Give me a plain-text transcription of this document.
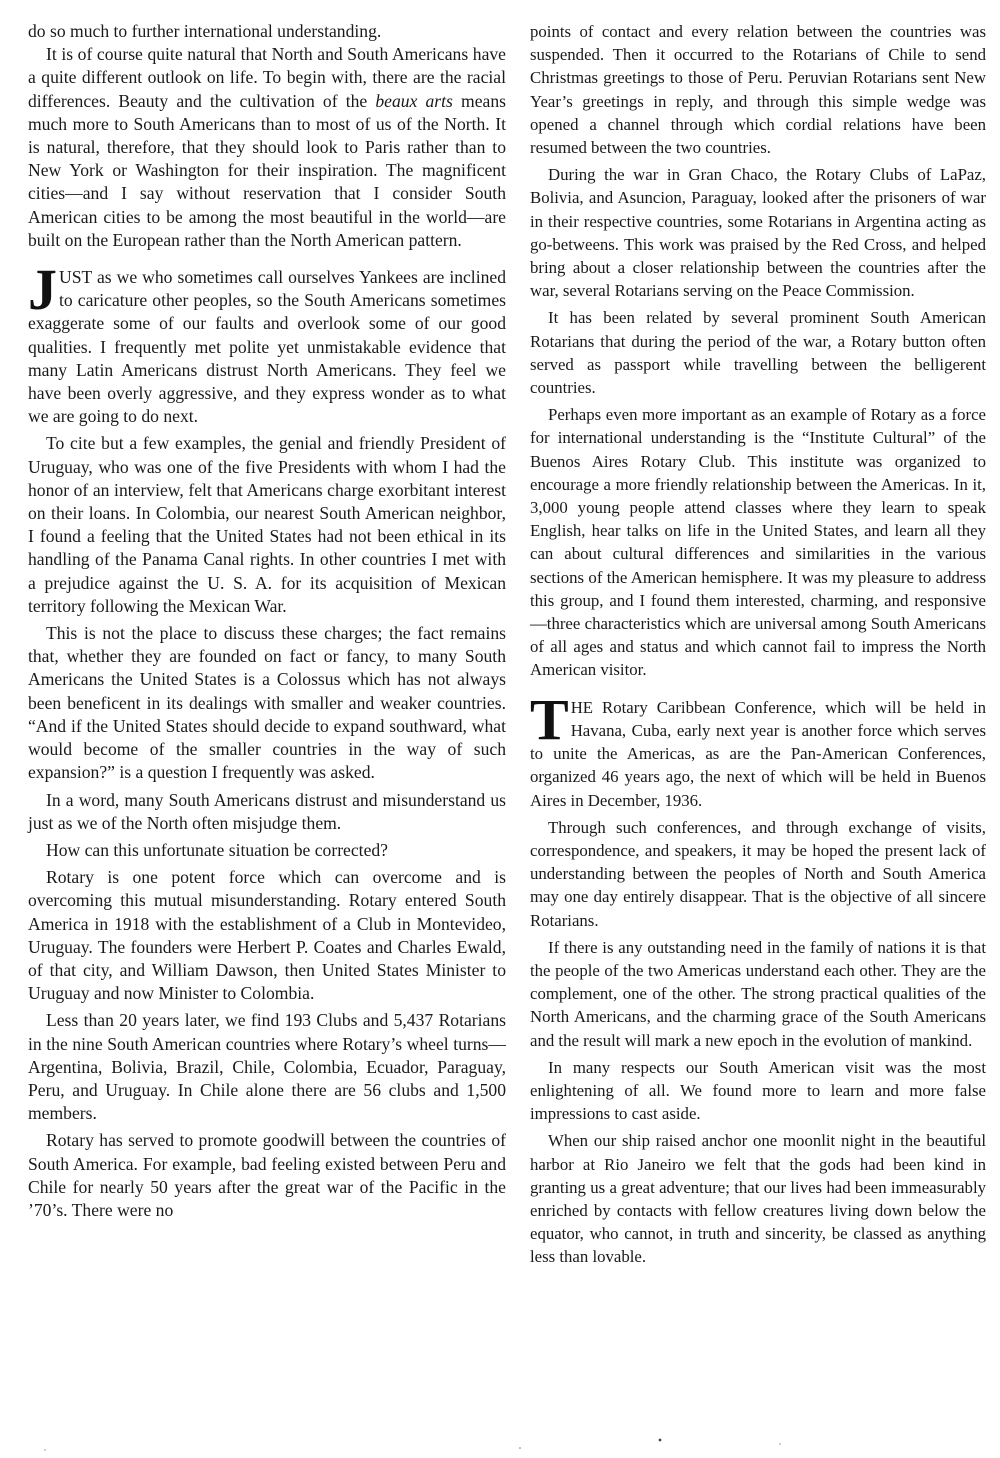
do so much to further international understanding.

It is of course quite natural that North and South Americans have a quite different outlook on life. To begin with, there are the racial differences. Beauty and the cultivation of the beaux arts means much more to South Americans than to most of us of the North. It is natural, therefore, that they should look to Paris rather than to New York or Washington for their inspiration. The magnificent cities—and I say without reservation that I consider South American cities to be among the most beautiful in the world—are built on the European rather than the North American pattern.

JUST as we who sometimes call ourselves Yankees are inclined to caricature other peoples, so the South Americans sometimes exaggerate some of our faults and overlook some of our good qualities. I frequently met polite yet unmistakable evidence that many Latin Americans distrust North Americans. They feel we have been overly aggressive, and they express wonder as to what we are going to do next.

To cite but a few examples, the genial and friendly President of Uruguay, who was one of the five Presidents with whom I had the honor of an interview, felt that Americans charge exorbitant interest on their loans. In Colombia, our nearest South American neighbor, I found a feeling that the United States had not been ethical in its handling of the Panama Canal rights. In other countries I met with a prejudice against the U. S. A. for its acquisition of Mexican territory following the Mexican War.

This is not the place to discuss these charges; the fact remains that, whether they are founded on fact or fancy, to many South Americans the United States is a Colossus which has not always been beneficent in its dealings with smaller and weaker countries. “And if the United States should decide to expand southward, what would become of the smaller countries in the way of such expansion?” is a question I frequently was asked.

In a word, many South Americans distrust and misunderstand us just as we of the North often misjudge them.

How can this unfortunate situation be corrected?

Rotary is one potent force which can overcome and is overcoming this mutual misunderstanding. Rotary entered South America in 1918 with the establishment of a Club in Montevideo, Uruguay. The founders were Herbert P. Coates and Charles Ewald, of that city, and William Dawson, then United States Minister to Uruguay and now Minister to Colombia.

Less than 20 years later, we find 193 Clubs and 5,437 Rotarians in the nine South American countries where Rotary’s wheel turns—Argentina, Bolivia, Brazil, Chile, Colombia, Ecuador, Paraguay, Peru, and Uruguay. In Chile alone there are 56 clubs and 1,500 members.

Rotary has served to promote goodwill between the countries of South America. For example, bad feeling existed between Peru and Chile for nearly 50 years after the great war of the Pacific in the ’70’s. There were no

points of contact and every relation between the countries was suspended. Then it occurred to the Rotarians of Chile to send Christmas greetings to those of Peru. Peruvian Rotarians sent New Year’s greetings in reply, and through this simple wedge was opened a channel through which cordial relations have been resumed between the two countries.

During the war in Gran Chaco, the Rotary Clubs of LaPaz, Bolivia, and Asuncion, Paraguay, looked after the prisoners of war in their respective countries, some Rotarians in Argentina acting as go-betweens. This work was praised by the Red Cross, and helped bring about a closer relationship between the countries after the war, several Rotarians serving on the Peace Commission.

It has been related by several prominent South American Rotarians that during the period of the war, a Rotary button often served as passport while travelling between the belligerent countries.

Perhaps even more important as an example of Rotary as a force for international understanding is the “Institute Cultural” of the Buenos Aires Rotary Club. This institute was organized to encourage a more friendly relationship between the Americas. In it, 3,000 young people attend classes where they learn to speak English, hear talks on life in the United States, and learn all they can about cultural differences and similarities in the various sections of the American hemisphere. It was my pleasure to address this group, and I found them interested, charming, and responsive—three characteristics which are universal among South Americans of all ages and status and which cannot fail to impress the North American visitor.

THE Rotary Caribbean Conference, which will be held in Havana, Cuba, early next year is another force which serves to unite the Americas, as are the Pan-American Conferences, organized 46 years ago, the next of which will be held in Buenos Aires in December, 1936.

Through such conferences, and through exchange of visits, correspondence, and speakers, it may be hoped the present lack of understanding between the peoples of North and South America may one day entirely disappear. That is the objective of all sincere Rotarians.

If there is any outstanding need in the family of nations it is that the people of the two Americas understand each other. They are the complement, one of the other. The strong practical qualities of the North Americans, and the charming grace of the South Americans and the result will mark a new epoch in the evolution of mankind.

In many respects our South American visit was the most enlightening of all. We found more to learn and more false impressions to cast aside.

When our ship raised anchor one moonlit night in the beautiful harbor at Rio Janeiro we felt that the gods had been kind in granting us a great adventure; that our lives had been immeasurably enriched by contacts with fellow creatures living down below the equator, who cannot, in truth and sincerity, be classed as anything less than lovable.
